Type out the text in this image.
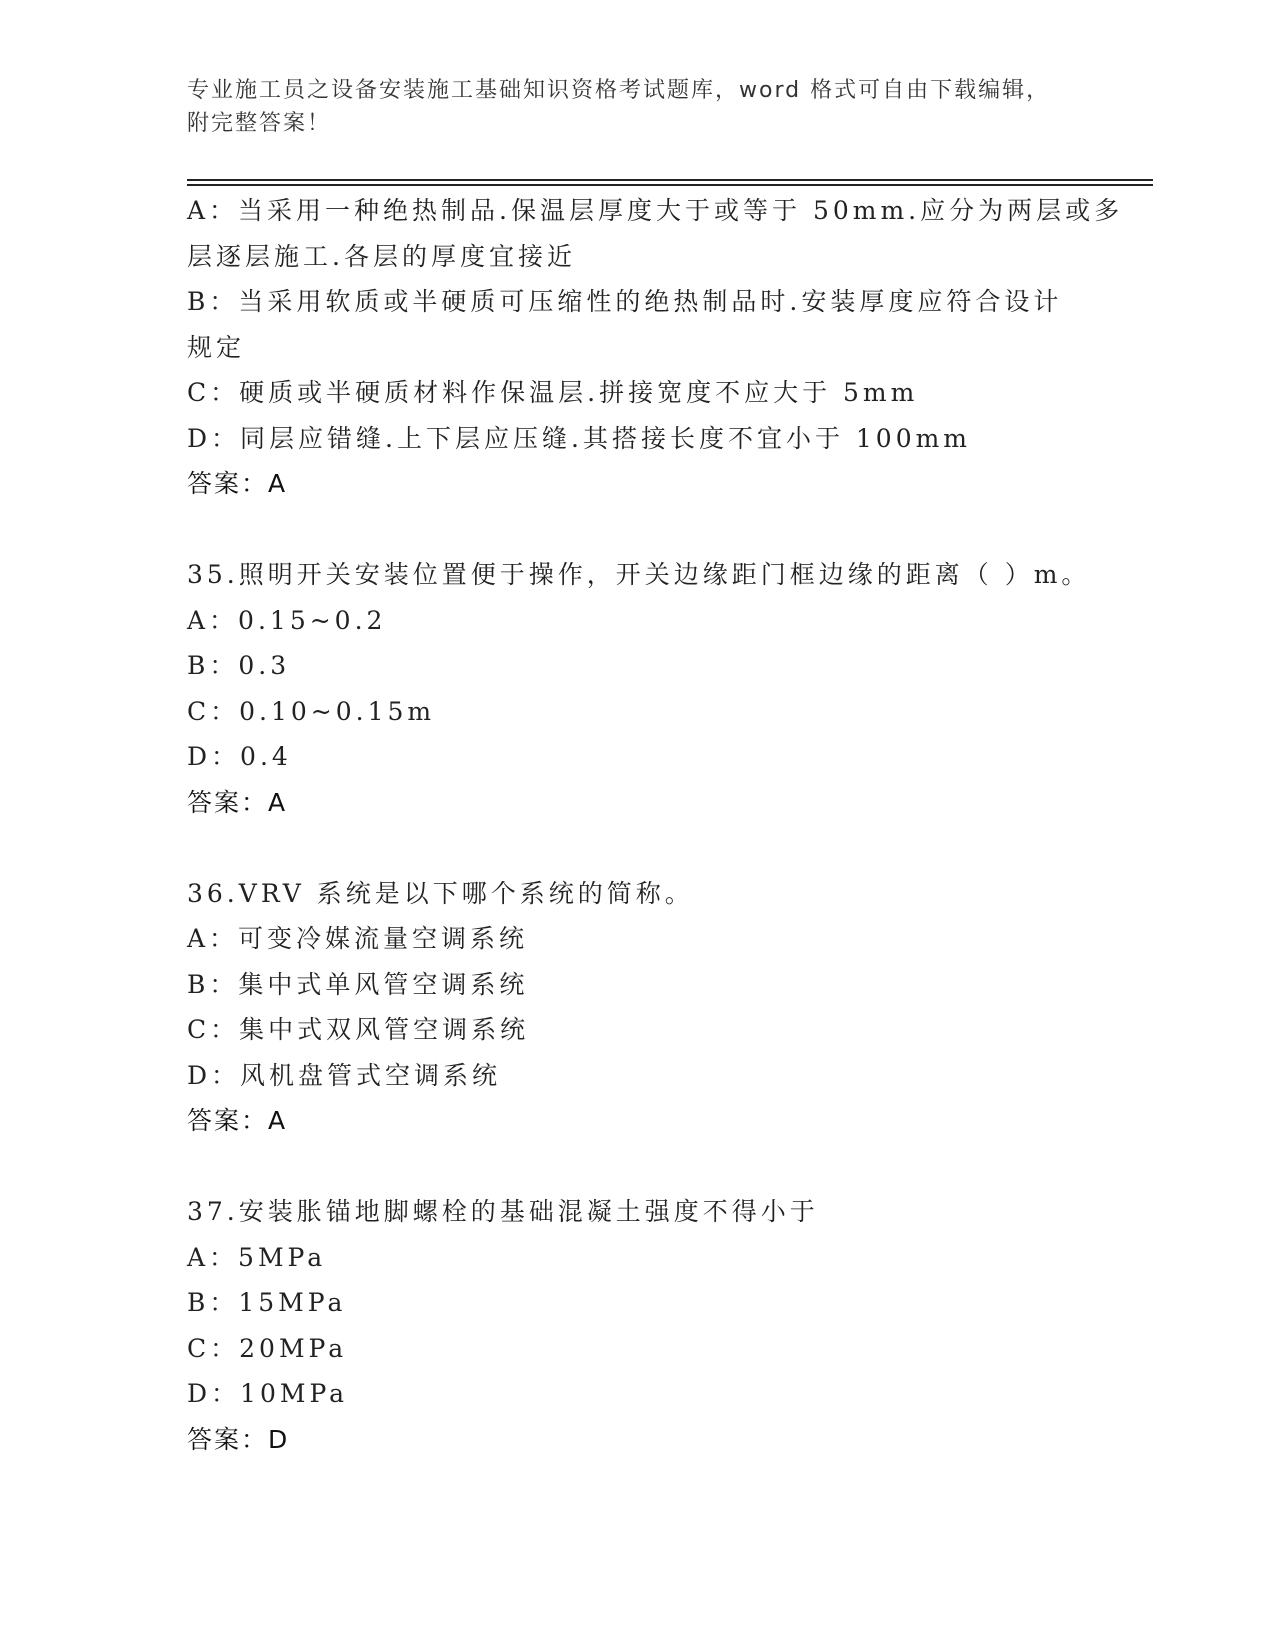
专业施工员之设备安装施工基础知识资格考试题库，word 格式可自由下载编辑，
附完整答案！
A：当采用一种绝热制品.保温层厚度大于或等于 50mm.应分为两层或多
层逐层施工.各层的厚度宜接近
B：当采用软质或半硬质可压缩性的绝热制品时.安装厚度应符合设计
规定
C：硬质或半硬质材料作保温层.拼接宽度不应大于 5mm
D：同层应错缝.上下层应压缝.其搭接长度不宜小于 100mm
答案：A
35.照明开关安装位置便于操作，开关边缘距门框边缘的距离（ ）m。
A：0.15~0.2
B：0.3
C：0.10~0.15m
D：0.4
答案：A
36.VRV 系统是以下哪个系统的简称。
A：可变冷媒流量空调系统
B：集中式单风管空调系统
C：集中式双风管空调系统
D：风机盘管式空调系统
答案：A
37.安装胀锚地脚螺栓的基础混凝土强度不得小于
A：5MPa
B：15MPa
C：20MPa
D：10MPa
答案：D
